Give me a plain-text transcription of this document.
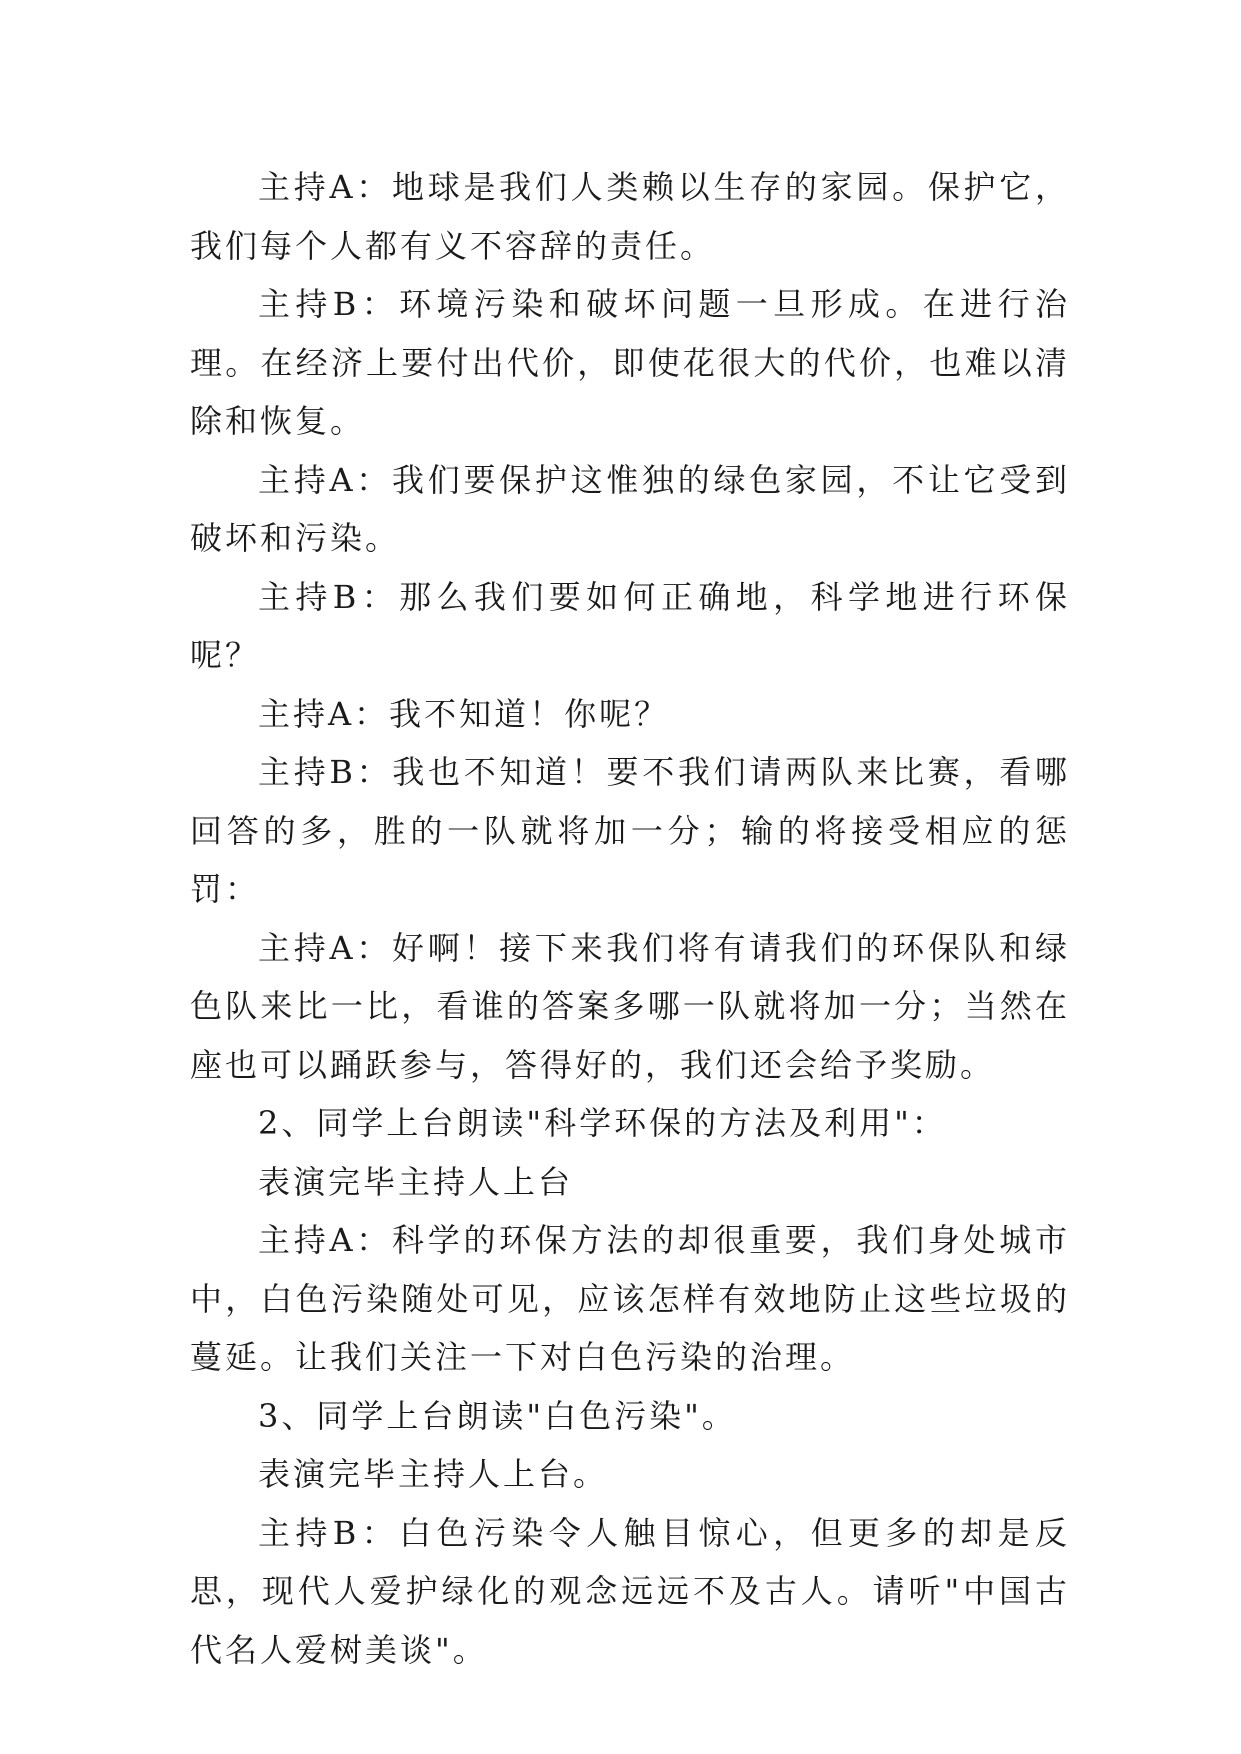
主持A：地球是我们人类赖以生存的家园。保护它，我们每个人都有义不容辞的责任。

主持B：环境污染和破坏问题一旦形成。在进行治理。在经济上要付出代价，即使花很大的代价，也难以清除和恢复。

主持A：我们要保护这惟独的绿色家园，不让它受到破坏和污染。

主持B：那么我们要如何正确地，科学地进行环保呢？

主持A：我不知道！你呢？

主持B：我也不知道！要不我们请两队来比赛，看哪回答的多，胜的一队就将加一分；输的将接受相应的惩罚：

主持A：好啊！接下来我们将有请我们的环保队和绿色队来比一比，看谁的答案多哪一队就将加一分；当然在座也可以踊跃参与，答得好的，我们还会给予奖励。

2、同学上台朗读"科学环保的方法及利用"：

表演完毕主持人上台

主持A：科学的环保方法的却很重要，我们身处城市中，白色污染随处可见，应该怎样有效地防止这些垃圾的蔓延。让我们关注一下对白色污染的治理。

3、同学上台朗读"白色污染"。

表演完毕主持人上台。

主持B：白色污染令人触目惊心，但更多的却是反思，现代人爱护绿化的观念远远不及古人。请听"中国古代名人爱树美谈"。
